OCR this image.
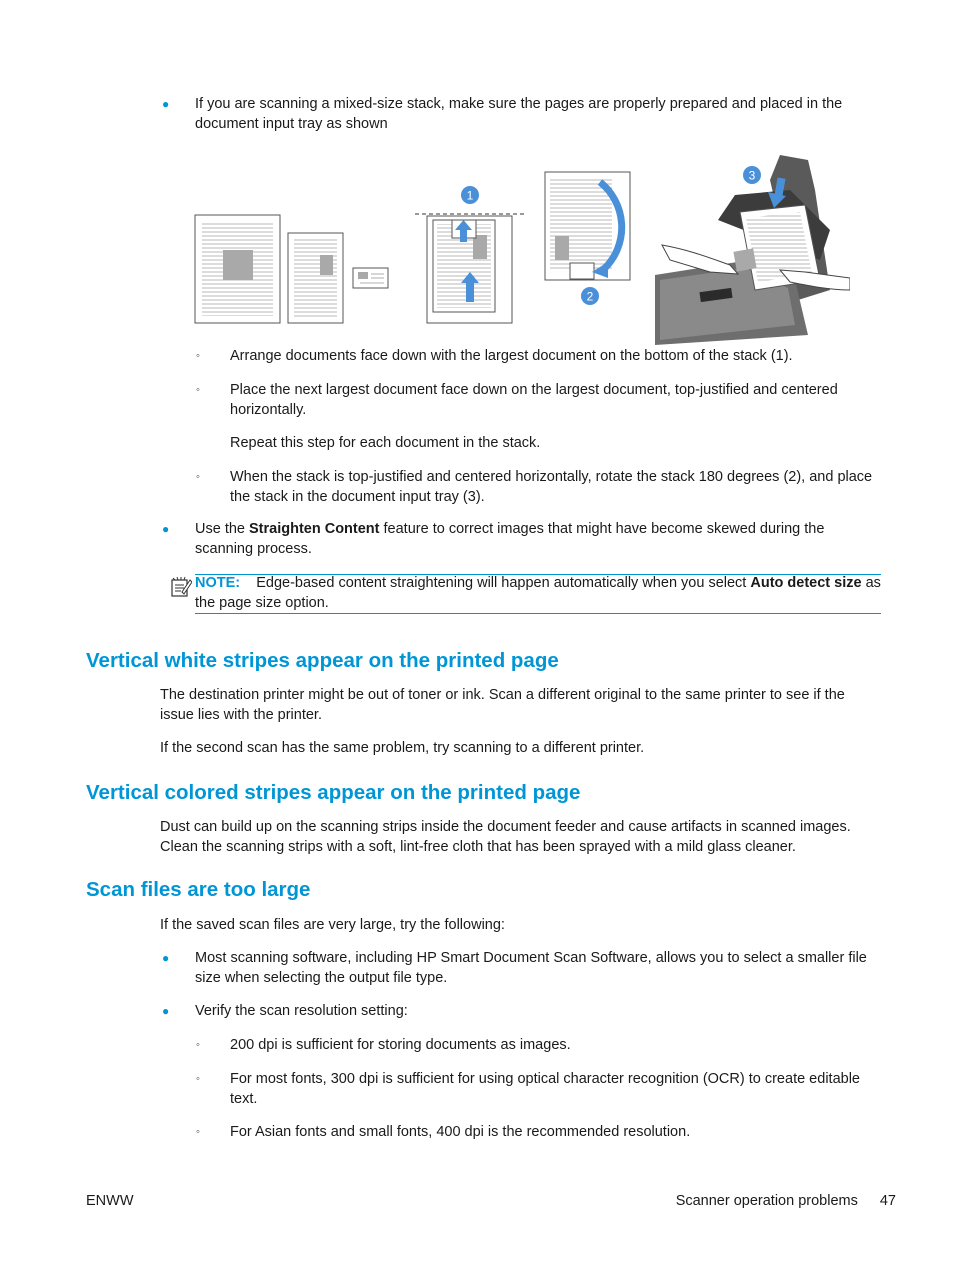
● If you are scanning a mixed-size stack, make sure the pages are properly prepared and placed in the document input tray as shown
1
2
3
◦ Arrange documents face down with the largest document on the bottom of the stack (1).
◦ Place the next largest document face down on the largest document, top-justified and centered horizontally.
Repeat this step for each document in the stack.
◦ When the stack is top-justified and centered horizontally, rotate the stack 180 degrees (2), and place the stack in the document input tray (3).
● Use the Straighten Content feature to correct images that might have become skewed during the scanning process.
NOTE: Edge-based content straightening will happen automatically when you select Auto detect size as the page size option.
Vertical white stripes appear on the printed page
The destination printer might be out of toner or ink. Scan a different original to the same printer to see if the issue lies with the printer.
If the second scan has the same problem, try scanning to a different printer.
Vertical colored stripes appear on the printed page
Dust can build up on the scanning strips inside the document feeder and cause artifacts in scanned images. Clean the scanning strips with a soft, lint-free cloth that has been sprayed with a mild glass cleaner.
Scan files are too large
If the saved scan files are very large, try the following:
● Most scanning software, including HP Smart Document Scan Software, allows you to select a smaller file size when selecting the output file type.
● Verify the scan resolution setting:
◦ 200 dpi is sufficient for storing documents as images.
◦ For most fonts, 300 dpi is sufficient for using optical character recognition (OCR) to create editable text.
◦ For Asian fonts and small fonts, 400 dpi is the recommended resolution.
ENWW	Scanner operation problems 47
